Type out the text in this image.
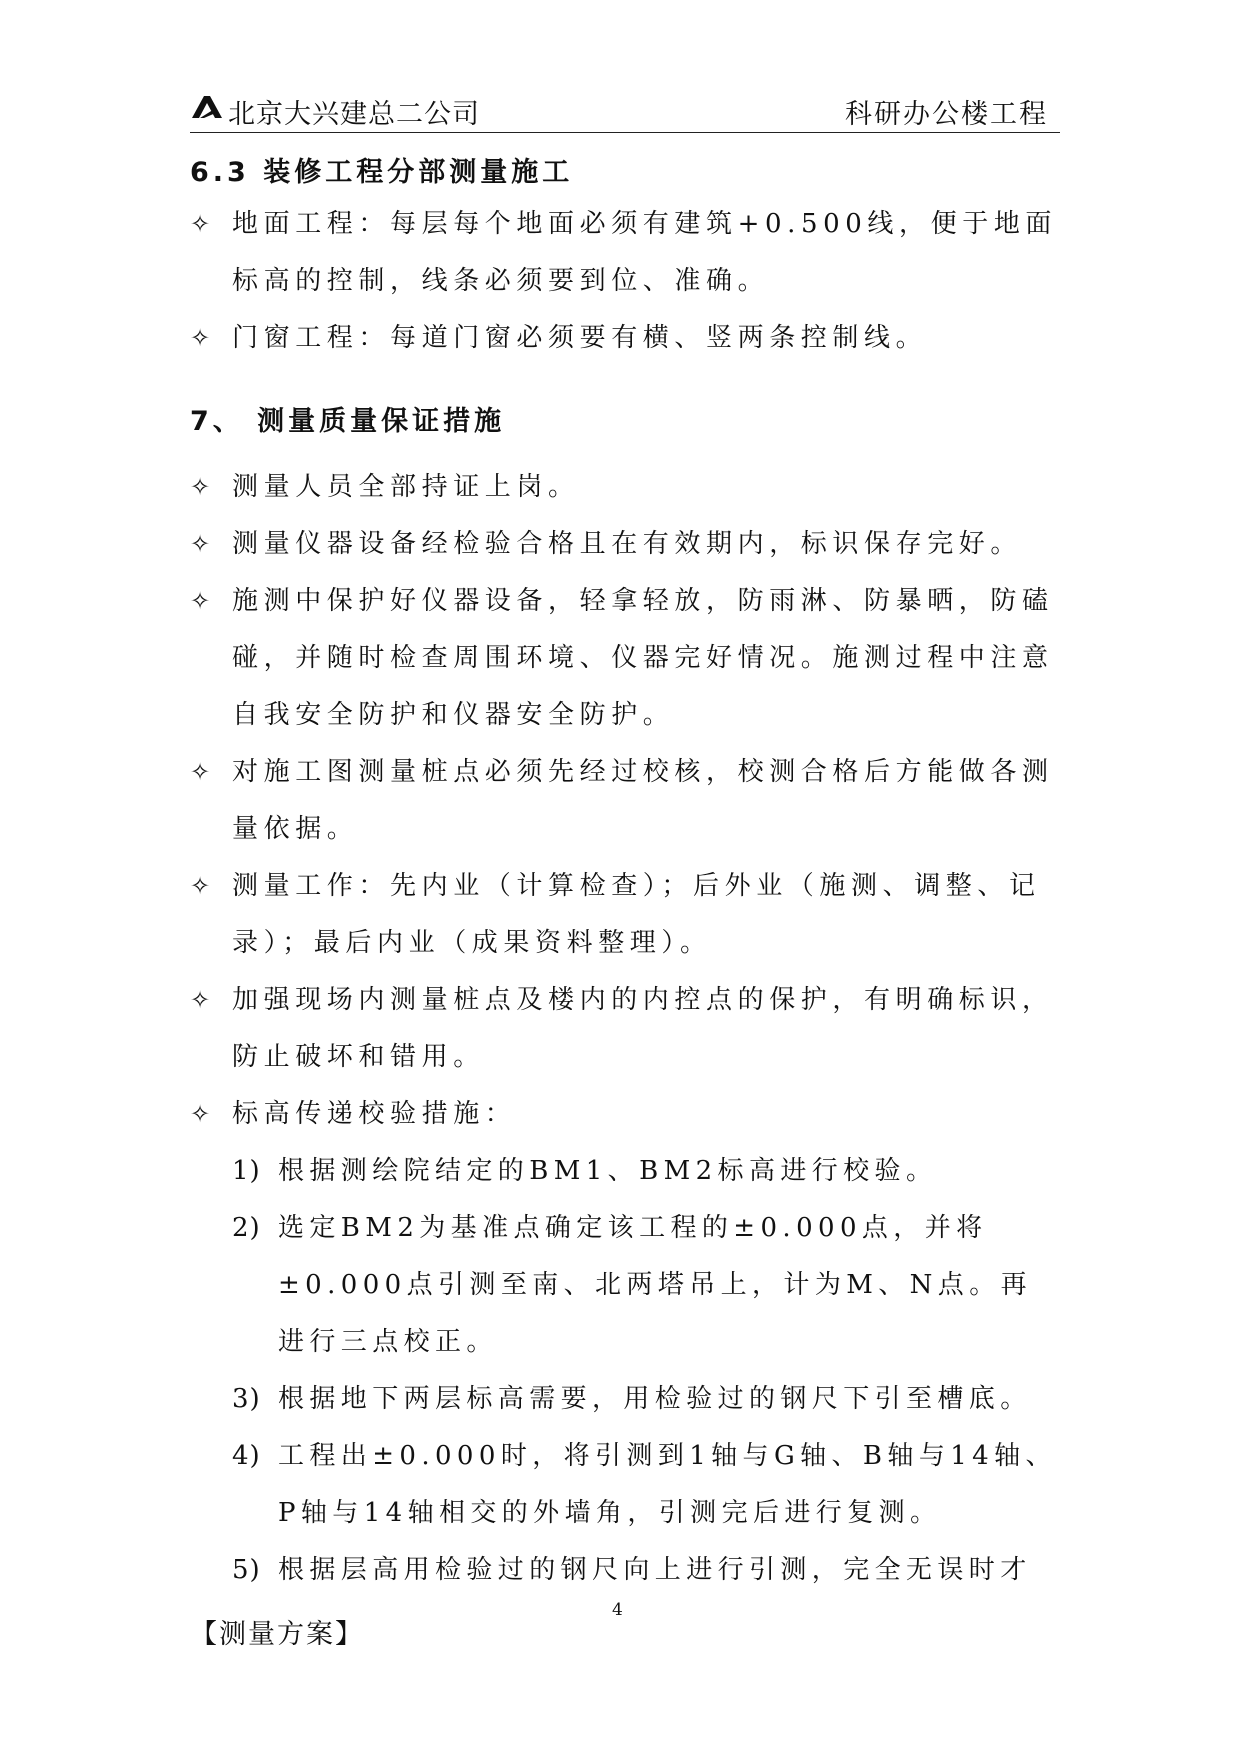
北京大兴建总二公司	科研办公楼工程
6.3 装修工程分部测量施工
✧ 地面工程：每层每个地面必须有建筑+0.500线，便于地面标高的控制，线条必须要到位、准确。
✧ 门窗工程：每道门窗必须要有横、竖两条控制线。
7、 测量质量保证措施
✧ 测量人员全部持证上岗。
✧ 测量仪器设备经检验合格且在有效期内，标识保存完好。
✧ 施测中保护好仪器设备，轻拿轻放，防雨淋、防暴晒，防磕碰，并随时检查周围环境、仪器完好情况。施测过程中注意自我安全防护和仪器安全防护。
✧ 对施工图测量桩点必须先经过校核，校测合格后方能做各测量依据。
✧ 测量工作：先内业（计算检查）；后外业（施测、调整、记录）；最后内业（成果资料整理）。
✧ 加强现场内测量桩点及楼内的内控点的保护，有明确标识，防止破坏和错用。
✧ 标高传递校验措施：
1) 根据测绘院结定的BM1、BM2标高进行校验。
2) 选定BM2为基准点确定该工程的±0.000点，并将±0.000点引测至南、北两塔吊上，计为M、N点。再进行三点校正。
3) 根据地下两层标高需要，用检验过的钢尺下引至槽底。
4) 工程出±0.000时，将引测到1轴与G轴、B轴与14轴、P轴与14轴相交的外墙角，引测完后进行复测。
5) 根据层高用检验过的钢尺向上进行引测，完全无误时才
【测量方案】
4
